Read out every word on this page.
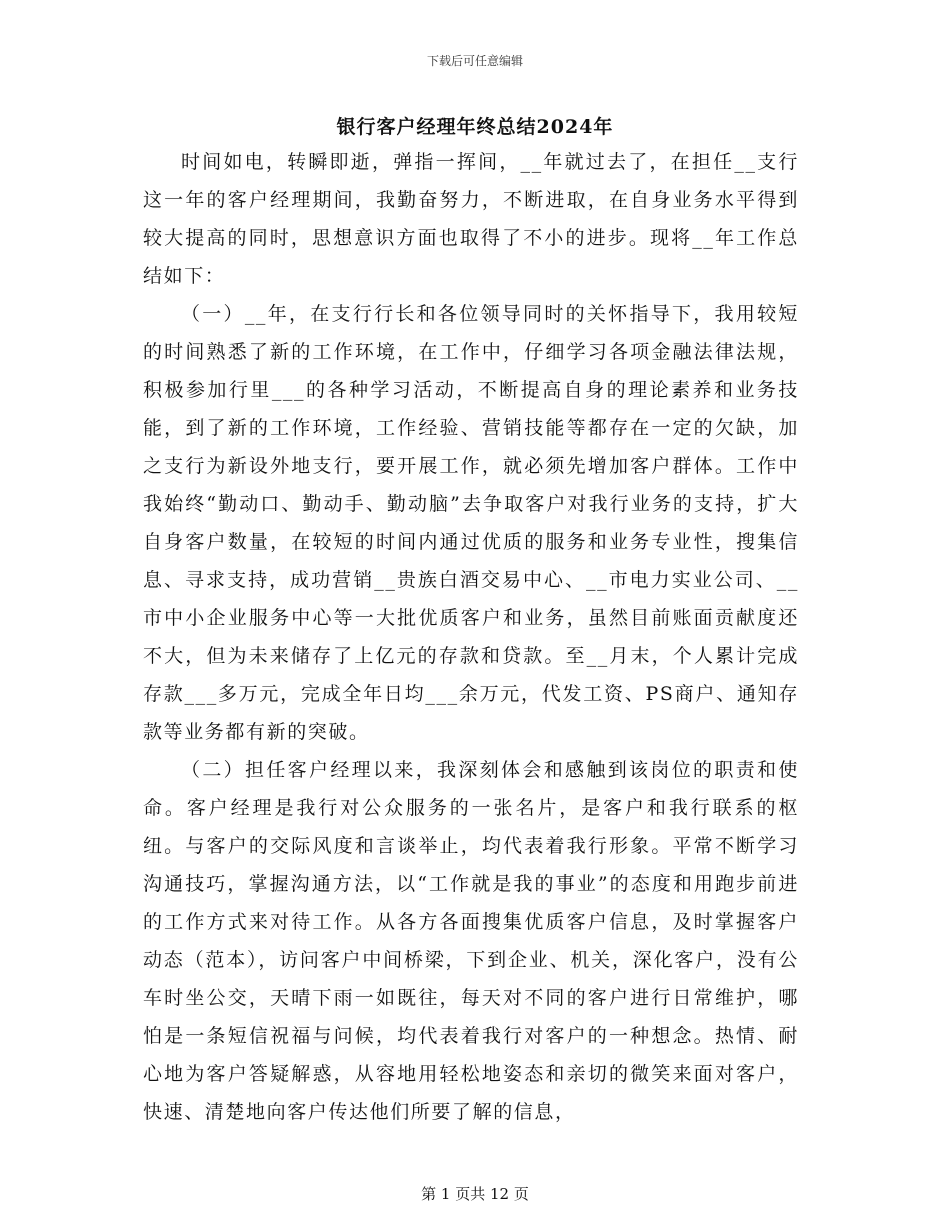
下载后可任意编辑
银行客户经理年终总结2024年

时间如电，转瞬即逝，弹指一挥间，__年就过去了，在担任__支行这一年的客户经理期间，我勤奋努力，不断进取，在自身业务水平得到较大提高的同时，思想意识方面也取得了不小的进步。现将__年工作总结如下：

（一）__年，在支行行长和各位领导同时的关怀指导下，我用较短的时间熟悉了新的工作环境，在工作中，仔细学习各项金融法律法规，积极参加行里___的各种学习活动，不断提高自身的理论素养和业务技能，到了新的工作环境，工作经验、营销技能等都存在一定的欠缺，加之支行为新设外地支行，要开展工作，就必须先增加客户群体。工作中我始终“勤动口、勤动手、勤动脑”去争取客户对我行业务的支持，扩大自身客户数量，在较短的时间内通过优质的服务和业务专业性，搜集信息、寻求支持，成功营销__贵族白酒交易中心、__市电力实业公司、__市中小企业服务中心等一大批优质客户和业务，虽然目前账面贡献度还不大，但为未来储存了上亿元的存款和贷款。至__月末，个人累计完成存款___多万元，完成全年日均___余万元，代发工资、PS商户、通知存款等业务都有新的突破。

（二）担任客户经理以来，我深刻体会和感触到该岗位的职责和使命。客户经理是我行对公众服务的一张名片，是客户和我行联系的枢纽。与客户的交际风度和言谈举止，均代表着我行形象。平常不断学习沟通技巧，掌握沟通方法，以“工作就是我的事业”的态度和用跑步前进的工作方式来对待工作。从各方各面搜集优质客户信息，及时掌握客户动态（范本），访问客户中间桥梁，下到企业、机关，深化客户，没有公车时坐公交，天晴下雨一如既往，每天对不同的客户进行日常维护，哪怕是一条短信祝福与问候，均代表着我行对客户的一种想念。热情、耐心地为客户答疑解惑，从容地用轻松地姿态和亲切的微笑来面对客户，快速、清楚地向客户传达他们所要了解的信息，

第 1 页共 12 页
